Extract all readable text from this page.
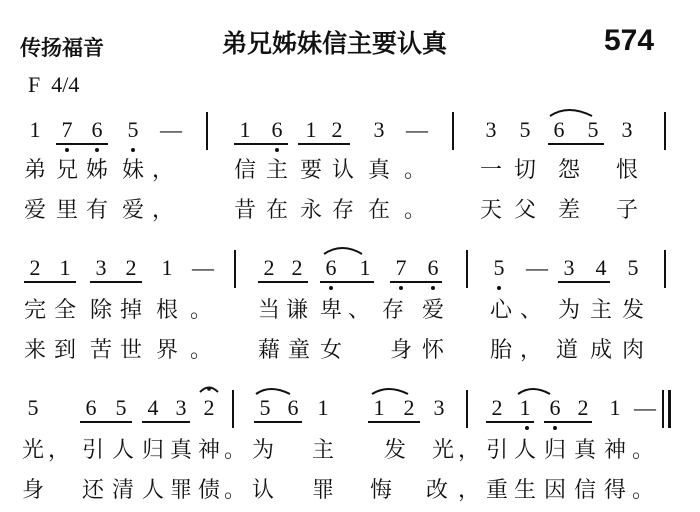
传扬福音	弟兄姊妹信主要认真	574
F  4/4
1 7 6 5 —	1 6 1 2 3 —	3 5 6 5 3
弟 兄 姊 妹 ，	信 主 要 认 真 。 一 切 怨 恨
爱 里 有 爱 ，	昔 在 永 存 在 。 天 父 差 子
2 1 3 2 1 — 2 2 6 1 7 6	5 — 3 4 5
完 全 除 掉 根 。 当 谦 卑 、 存 爱 心 、 为 主 发
来 到 苦 世 界 。 藉 童 女 身 怀 胎 ， 道 成 肉
5 6 5 4 3 2 5 6 1 1 2 3 2 1 6 2 1 —
光 ， 引 人 归 真 神 。 为 主 发 光 ， 引 人 归 真 神 。
身 还 清 人 罪 债 。 认 罪 悔 改 ， 重 生 因 信 得 。
